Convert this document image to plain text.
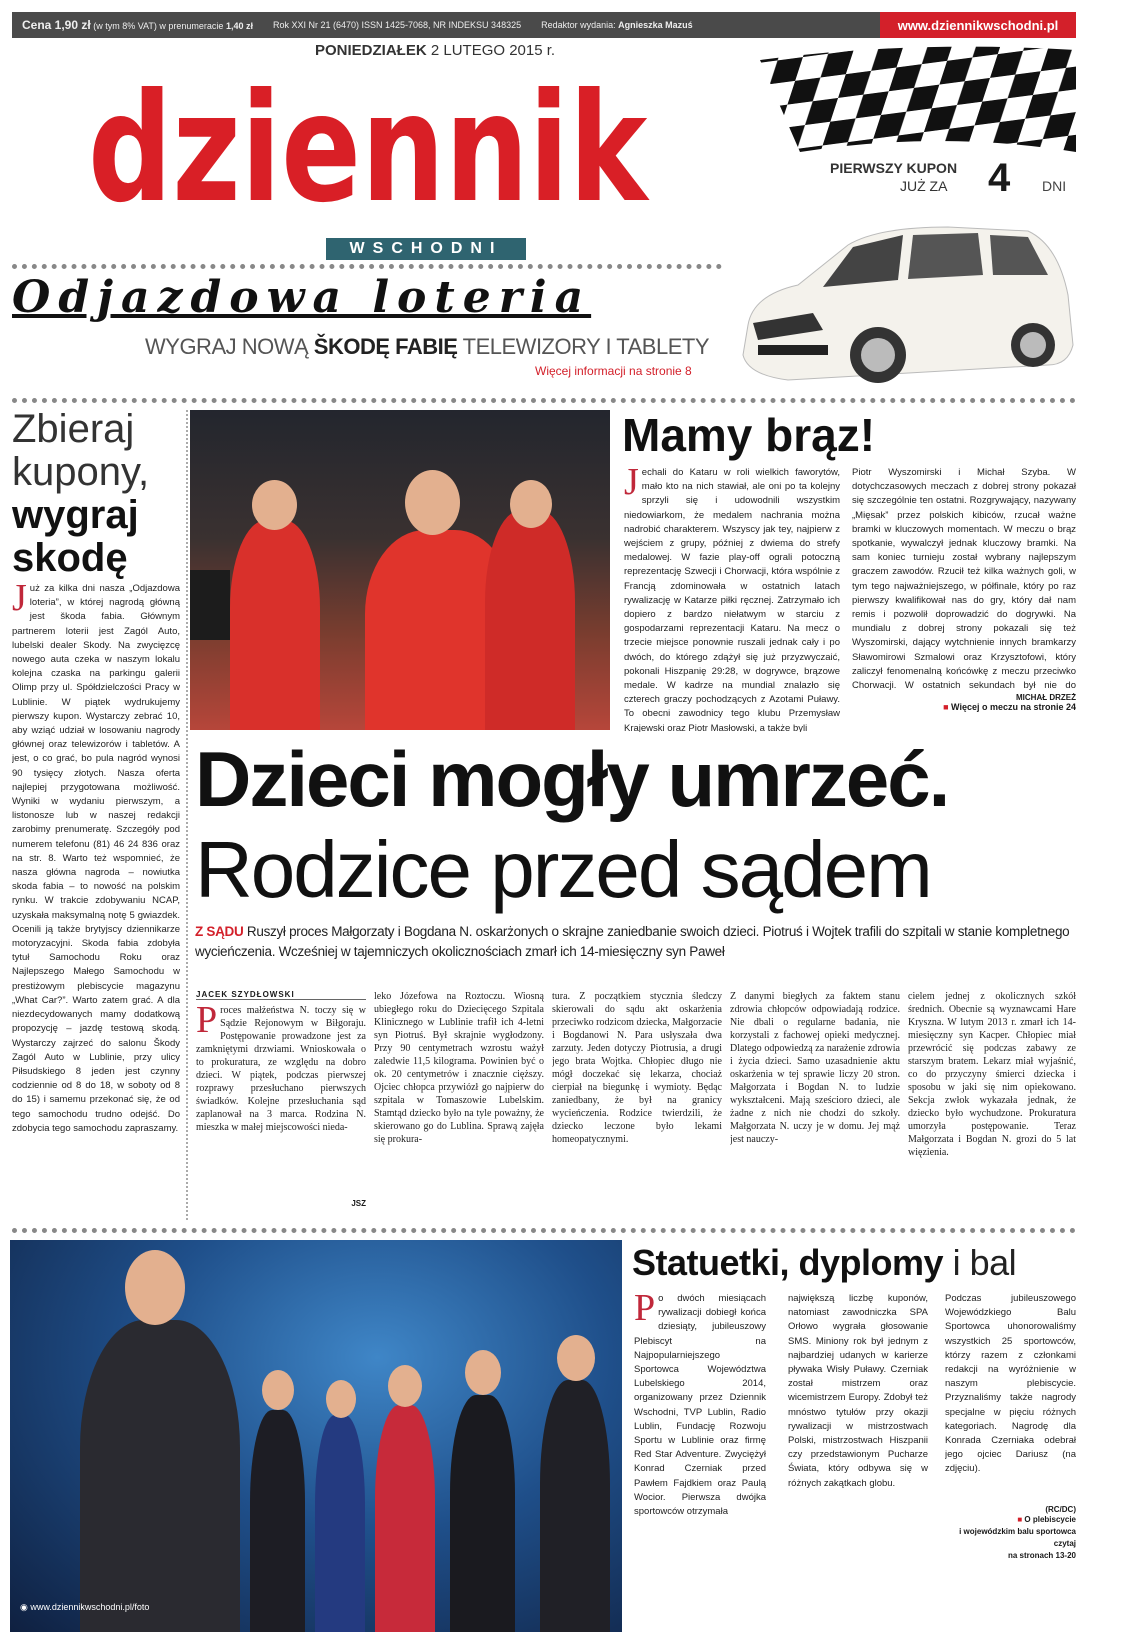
Cena 1,90 zł (w tym 8% VAT) w prenumeracie 1,40 zł	Rok XXI Nr 21 (6470) ISSN 1425-7068, NR INDEKSU 348325	Redaktor wydania: Agnieszka Mazuś	www.dziennikwschodni.pl
PONIEDZIAŁEK 2 LUTEGO 2015 r.
dziennik
WSCHODNI
PIERWSZY KUPON
JUŻ ZA 4 DNI
Odjazdowa loteria
WYGRAJ NOWĄ ŠKODĘ FABIĘ TELEWIZORY I TABLETY
Więcej informacji na stronie 8
Zbieraj kupony,
wygraj skodę
Już za kilka dni nasza „Odjazdowa loteria”, w której nagrodą główną jest škoda fabia. Głównym partnerem loterii jest Zagól Auto, lubelski dealer Skody. Na zwycięzcę nowego auta czeka w naszym lokalu kolejna czaska na parkingu galerii Olimp przy ul. Spółdzielczości Pracy w Lublinie. W piątek wydrukujemy pierwszy kupon. Wystarczy zebrać 10, aby wziąć udział w losowaniu nagrody głównej oraz telewizorów i tabletów. A jest, o co grać, bo pula nagród wynosi 90 tysięcy złotych. Nasza oferta najlepiej przygotowana możliwość. Wyniki w wydaniu pierwszym, a listonosze lub w naszej redakcji zarobimy prenumeratę. Szczegóły pod numerem telefonu (81) 46 24 836 oraz na str. 8. Warto też wspomnieć, że nasza główna nagroda – nowiutka skoda fabia – to nowość na polskim rynku. W trakcie zdobywaniu NCAP, uzyskała maksymalną notę 5 gwiazdek. Ocenili ją także brytyjscy dziennikarze motoryzacyjni. Skoda fabia zdobyła tytuł Samochodu Roku oraz Najlepszego Małego Samochodu w prestiżowym plebiscycie magazynu „What Car?”. Warto zatem grać. A dla niezdecydowanych mamy dodatkową propozycję – jazdę testową skodą. Wystarczy zajrzeć do salonu Škody Zagól Auto w Lublinie, przy ulicy Piłsudskiego 8 jeden jest czynny codziennie od 8 do 18, w soboty od 8 do 15) i samemu przekonać się, że od tego samochodu trudno odejść. Do zdobycia tego samochodu zapraszamy.
Mamy brąz!
Jechali do Kataru w roli wielkich faworytów, mało kto na nich stawiał, ale oni po ta kolejny sprzyli się i udowodnili wszystkim niedowiarkom, że medalem nachrania można nadrobić charakterem. Wszyscy jak tey, najpierw z wejściem z grupy, później z dwiema do strefy medalowej. W fazie play-off ograli potoczną reprezentację Szwecji i Chorwacji, która wspólnie z Francją zdominowała w ostatnich latach rywalizację w Katarze piłki ręcznej. Zatrzymało ich dopiero z bardzo niełatwym w starciu z gospodarzami reprezentacji Kataru. Na mecz o trzecie miejsce ponownie ruszali jednak cały i po dwóch, do którego zdążył się już przyzwyczaić, pokonali Hiszpanię 29:28, w dogrywce, brązowe medale. W kadrze na mundial znalazło się czterech graczy pochodzących z Azotami Puławy. To obecni zawodnicy tego klubu Przemysław Krajewski oraz Piotr Masłowski, a także byli
Piotr Wyszomirski i Michał Szyba. W dotychczasowych meczach z dobrej strony pokazał się szczególnie ten ostatni. Rozgrywający, nazywany „Mięsak” przez polskich kibiców, rzucał ważne bramki w kluczowych momentach. W meczu o brąz spotkanie, wywalczył jednak kluczowy bramki. Na sam koniec turnieju został wybrany najlepszym graczem zawodów. Rzucił też kilka ważnych goli, w tym tego najważniejszego, w półfinale, który po raz pierwszy kwalifikował nas do gry, który dał nam remis i pozwolił doprowadzić do dogrywki. Na mundialu z dobrej strony pokazali się też Wyszomirski, dający wytchnienie innych bramkarzy Sławomirowi Szmalowi oraz Krzysztofowi, który zaliczył fenomenalną końcówkę z meczu przeciwko Chorwacji. W ostatnich sekundach był nie do
MICHAŁ DRZEŻ
■ Więcej o meczu na stronie 24
Dzieci mogły umrzeć.
Rodzice przed sądem
Z SĄDU Ruszył proces Małgorzaty i Bogdana N. oskarżonych o skrajne zaniedbanie swoich dzieci. Piotruś i Wojtek trafili do szpitali w stanie kompletnego wycieńczenia. Wcześniej w tajemniczych okolicznościach zmarł ich 14-miesięczny syn Paweł
JACEK SZYDŁOWSKI
Proces małżeństwa N. toczy się w Sądzie Rejonowym w Biłgoraju. Postępowanie prowadzone jest za zamkniętymi drzwiami. Wnioskowała o to prokuratura, ze względu na dobro dzieci. W piątek, podczas pierwszej rozprawy przesłuchano pierwszych świadków. Kolejne przesłuchania sąd zaplanował na 3 marca. Rodzina N. mieszka w małej miejscowości nieda-
JSZ
leko Józefowa na Roztoczu. Wiosną ubiegłego roku do Dziecięcego Szpitala Klinicznego w Lublinie trafił ich 4-letni syn Piotruś. Był skrajnie wygłodzony. Przy 90 centymetrach wzrostu ważył zaledwie 11,5 kilograma. Powinien być o ok. 20 centymetrów i znacznie cięższy. Ojciec chłopca przywiózł go najpierw do szpitala w Tomaszowie Lubelskim. Stamtąd dziecko było na tyle poważny, że skierowano go do Lublina. Sprawą zajęła się prokura-
tura. Z początkiem stycznia śledczy skierowali do sądu akt oskarżenia przeciwko rodzicom dziecka, Małgorzacie i Bogdanowi N. Para usłyszała dwa zarzuty. Jeden dotyczy Piotrusia, a drugi jego brata Wojtka. Chłopiec długo nie mógł doczekać się lekarza, chociaż cierpiał na biegunkę i wymioty. Będąc zaniedbany, że był na granicy wycieńczenia. Rodzice twierdzili, że dziecko leczone było lekami homeopatycznymi.
Z danymi biegłych za faktem stanu zdrowia chłopców odpowiadają rodzice. Nie dbali o regularne badania, nie korzystali z fachowej opieki medycznej. Dlatego odpowiedzą za narażenie zdrowia i życia dzieci. Samo uzasadnienie aktu oskarżenia w tej sprawie liczy 20 stron. Małgorzata i Bogdan N. to ludzie wykształceni. Mają sześcioro dzieci, ale żadne z nich nie chodzi do szkoły. Małgorzata N. uczy je w domu. Jej mąż jest nauczy-
cielem jednej z okolicznych szkół średnich. Obecnie są wyznawcami Hare Kryszna. W lutym 2013 r. zmarł ich 14-miesięczny syn Kacper. Chłopiec miał przewrócić się podczas zabawy ze starszym bratem. Lekarz miał wyjaśnić, co do przyczyny śmierci dziecka i sposobu w jaki się nim opiekowano. Sekcja zwłok wykazała jednak, że dziecko było wychudzone. Prokuratura umorzyła postępowanie. Teraz Małgorzata i Bogdan N. grozi do 5 lat więzienia.
◉ www.dziennikwschodni.pl/foto
Statuetki, dyplomy i bal
Po dwóch miesiącach rywalizacji dobiegł końca dziesiąty, jubileuszowy Plebiscyt na Najpopularniejszego Sportowca Województwa Lubelskiego 2014, organizowany przez Dziennik Wschodni, TVP Lublin, Radio Lublin, Fundację Rozwoju Sportu w Lublinie oraz firmę Red Star Adventure. Zwyciężył Konrad Czerniak przed Pawłem Fajdkiem oraz Paulą Wocior. Pierwsza dwójka sportowców otrzymała
największą liczbę kuponów, natomiast zawodniczka SPA Orłowo wygrała głosowanie SMS. Miniony rok był jednym z najbardziej udanych w karierze pływaka Wisły Puławy. Czerniak został mistrzem oraz wicemistrzem Europy. Zdobył też mnóstwo tytułów przy okazji rywalizacji w mistrzostwach Polski, mistrzostwach Hiszpanii czy przedstawionym Pucharze Świata, który odbywa się w różnych zakątkach globu.
Podczas jubileuszowego Wojewódzkiego Balu Sportowca uhonorowaliśmy wszystkich 25 sportowców, którzy razem z członkami redakcji na wyróżnienie w naszym plebiscycie. Przyznaliśmy także nagrody specjalne w pięciu różnych kategoriach. Nagrodę dla Konrada Czerniaka odebrał jego ojciec Dariusz (na zdjęciu).
(RC/DC)
■ O plebiscycie
i wojewódzkim balu sportowca czytaj
na stronach 13-20
